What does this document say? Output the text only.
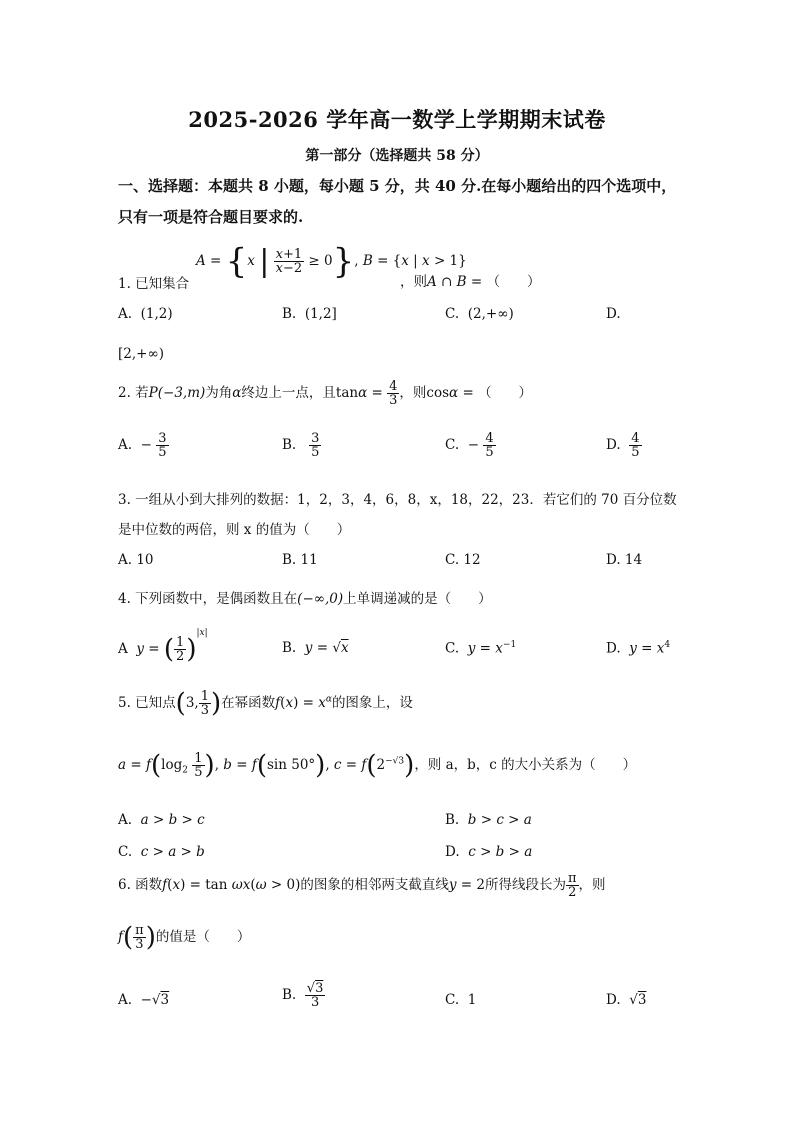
2025-2026 学年高一数学上学期期末试卷
第一部分（选择题共 58 分）
一、选择题：本题共 8 小题，每小题 5 分，共 40 分.在每小题给出的四个选项中，只有一项是符合题目要求的.
A = {x | $\frac{x+1}{x-2} \ge 0$}, B = {x | x > 1}
1. 已知集合	，则A ∩ B = （　　）
A. (1,2)	B. (1,2]	C. (2,+∞)	D.
[2,+∞)
2. 若P(−3,m)为角α终边上一点，且$\tan\alpha = \frac{4}{3}$ ，则cosα = （　　）
A.  − $\frac{3}{5}$	B. $\frac{3}{5}$	C.  − $\frac{4}{5}$	D. $\frac{4}{5}$
3. 一组从小到大排列的数据：1，2，3，4，6，8，x，18，22，23．若它们的 70 百分位数
是中位数的两倍，则 x 的值为（　　）
A. 10	B. 11	C. 12	D. 14
4. 下列函数中，是偶函数且在(−∞,0)上单调递减的是（　　）
A  y = ( $\frac{1}{2} )^{|x|}$
B.  y = √x	C.  $y = x^{-1}$	D.  $y = x^4$
5. 已知点(3, $\frac{1}{3}$ )在幂函数$f(x) = x^\alpha$的图象上，设
$a = f(\log_2 \frac{1}{5}$ ), b = f(sin 50°), $c = f(2^{-√3})$，则 a，b，c 的大小关系为（　　）
A.  a > b > c	B.  b > c > a
C.  c > a > b	D.  c > b > a
6. 函数f(x) = tan ωx(ω > 0)的图象的相邻两支截直线y = 2所得线段长为 $\frac{\pi}{2}$ ，则
$f( \frac{\pi}{3}$ )的值是（　　）
A.  −√3	B. $\frac{√3}{3}$	C.  1	D.  √3
